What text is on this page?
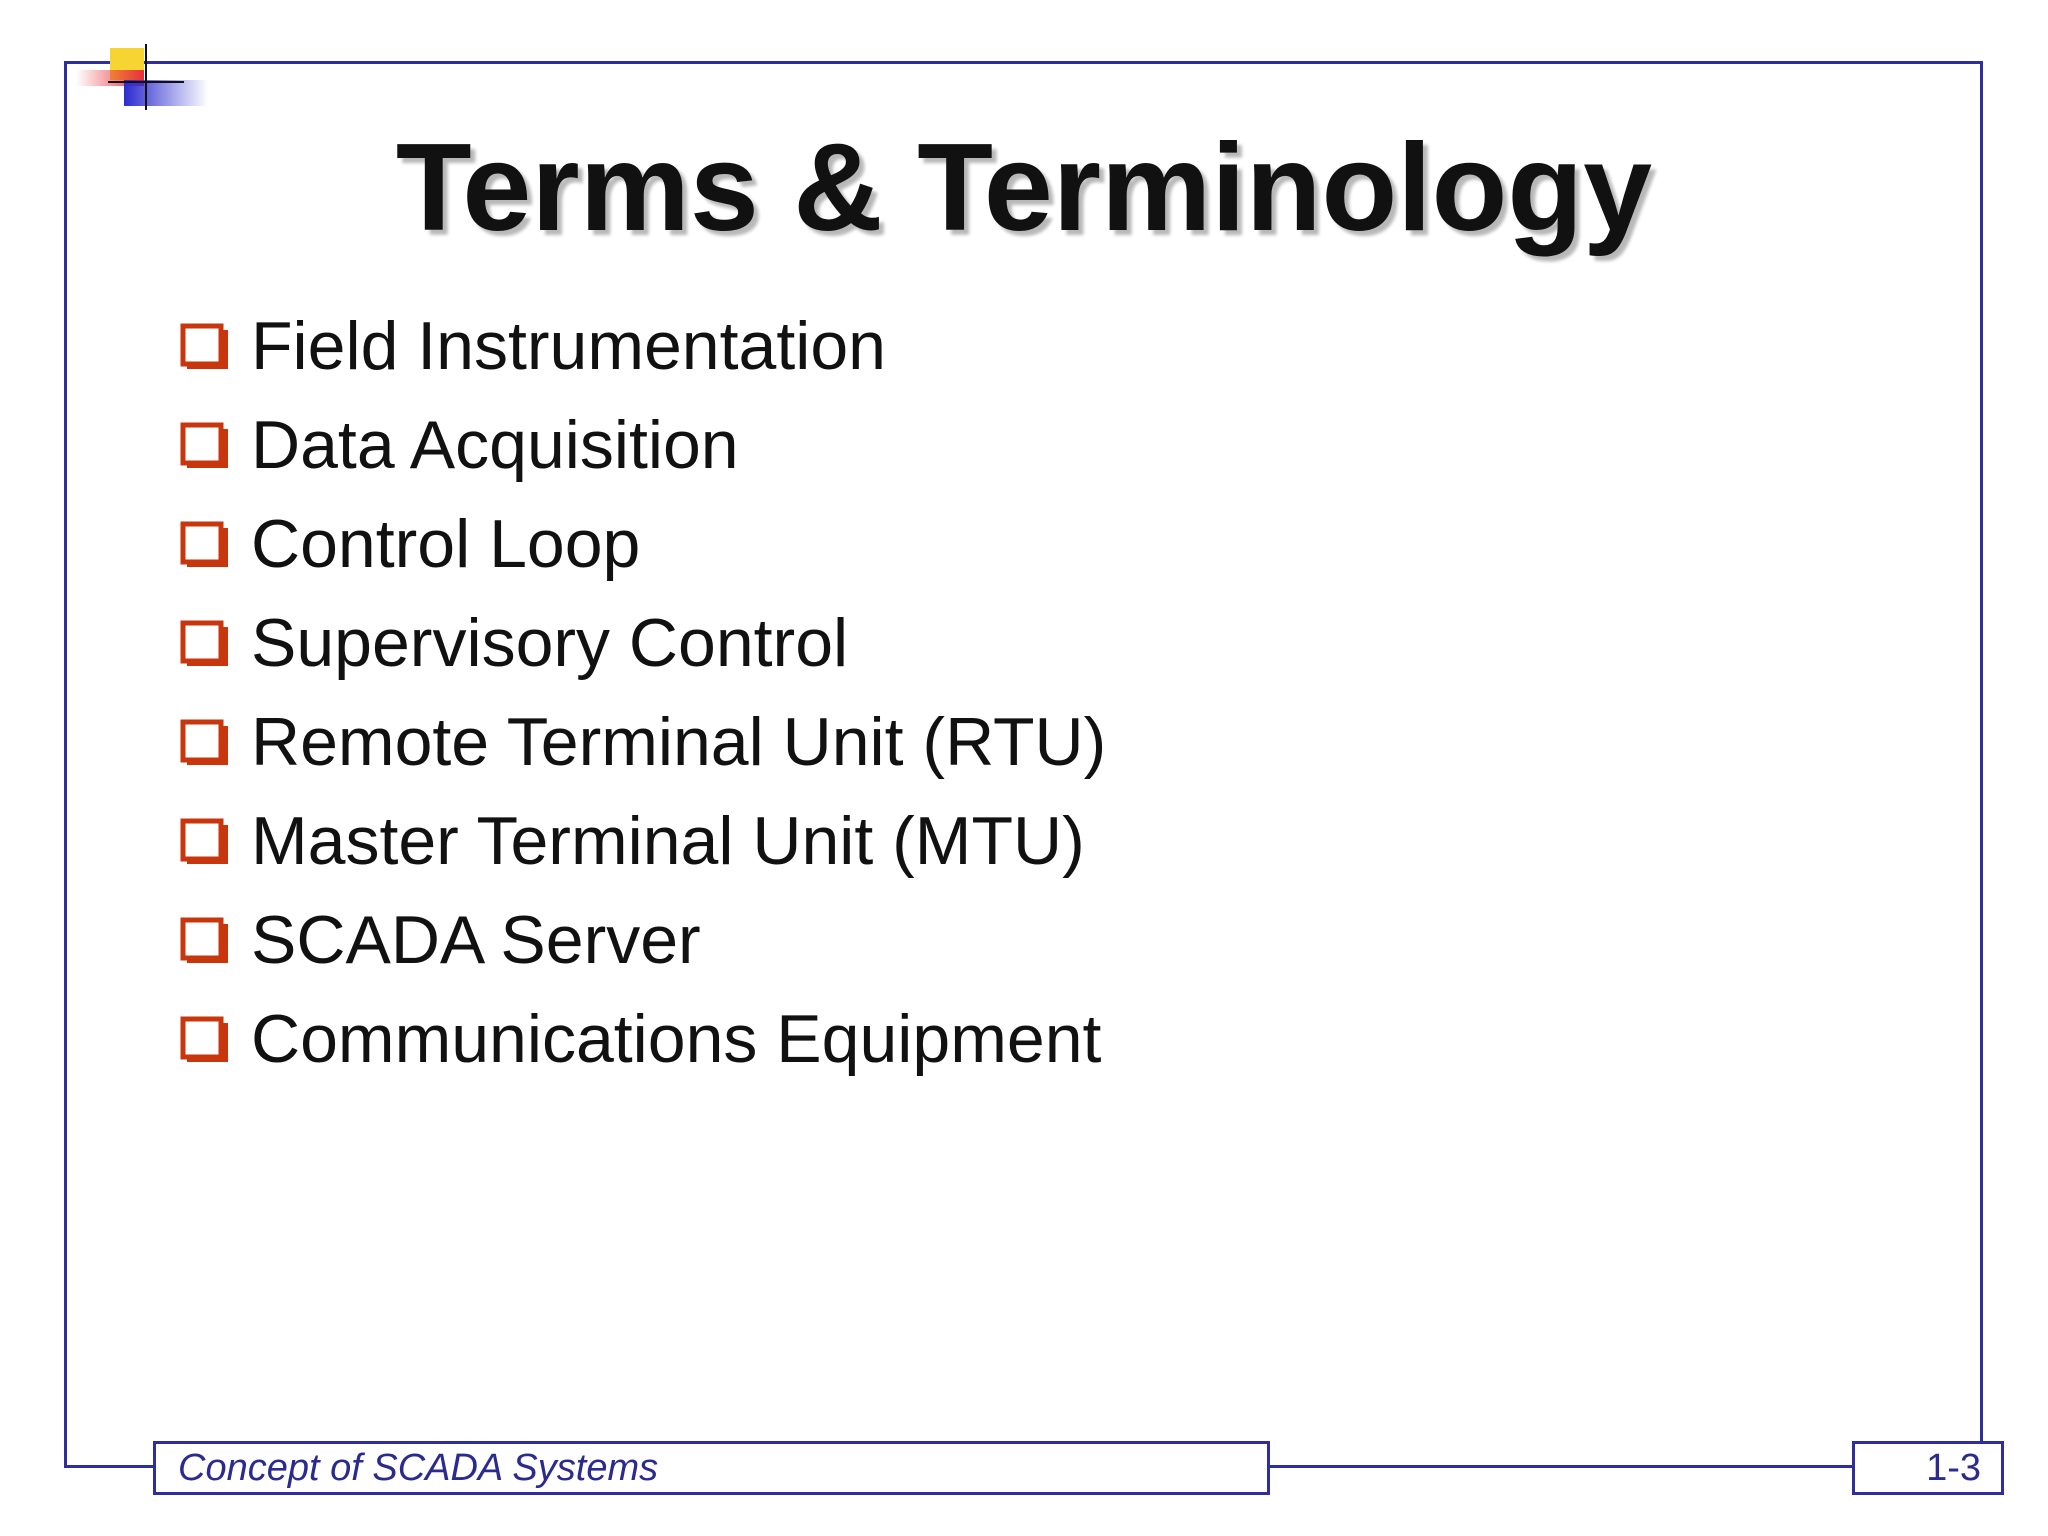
Terms & Terminology
Field Instrumentation
Data Acquisition
Control Loop
Supervisory Control
Remote Terminal Unit (RTU)
Master Terminal Unit (MTU)
SCADA Server
Communications Equipment
Concept of SCADA Systems	1-3
